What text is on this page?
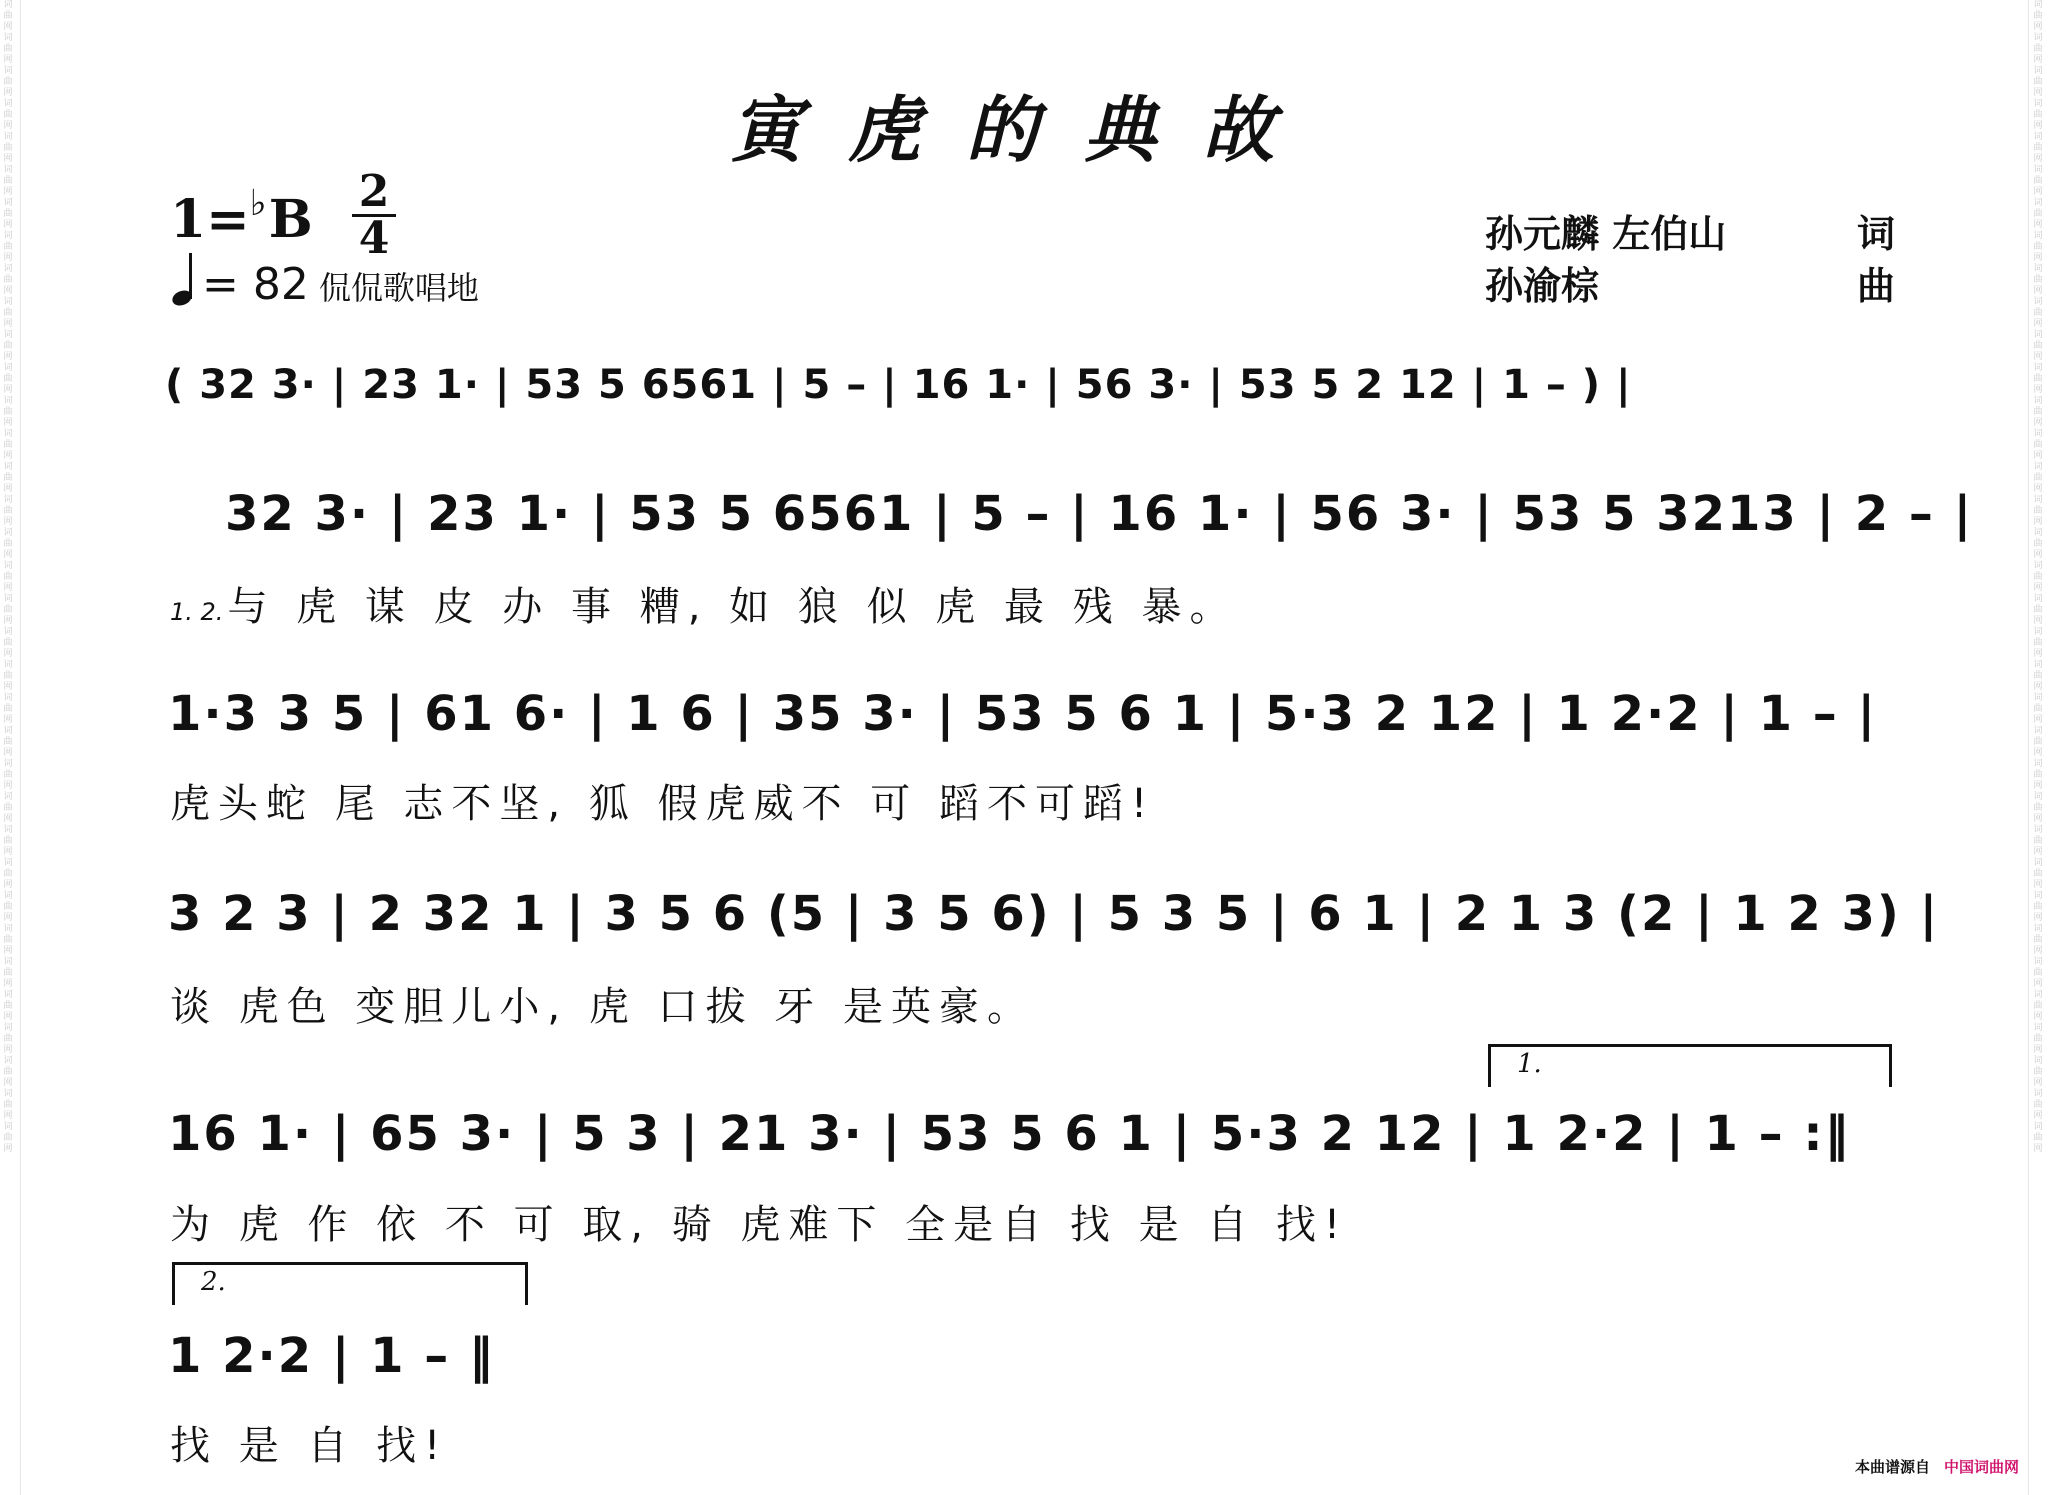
词曲网词曲网词曲网词曲网词曲网词曲网词曲网词曲网词曲网词曲网词曲网词曲网词曲网词曲网词曲网词曲网词曲网词曲网词曲网词曲网词曲网词曲网词曲网词曲网词曲网词曲网词曲网词曲网词曲网词曲网词曲网词曲网词曲网词曲网词曲网
词曲网词曲网词曲网词曲网词曲网词曲网词曲网词曲网词曲网词曲网词曲网词曲网词曲网词曲网词曲网词曲网词曲网词曲网词曲网词曲网词曲网词曲网词曲网词曲网词曲网词曲网词曲网词曲网词曲网词曲网词曲网词曲网词曲网词曲网词曲网
寅虎的典故
1=♭B 2
4
= 82 侃侃歌唱地
孙元麟 左伯山	词
孙渝棕	曲
( 32 3· | 23 1· | 53 5 6561 | 5 – | 16 1· | 56 3· | 53 5 2 12 | 1 – ) |
32 3· | 23 1· | 53 5 6561 | 5 – | 16 1· | 56 3· | 53 5 3213 | 2 – |
1. 2. 与 虎 谋 皮 办 事 糟, 如 狼 似 虎 最 残 暴。
1·3 3 5 | 61 6· | 1 6 | 35 3· | 53 5 6 1 | 5·3 2 12 | 1 2·2 | 1 – |
虎头蛇 尾 志不坚, 狐 假虎威不 可 蹈不可蹈!
3 2 3 | 2 32 1 | 3 5 6 (5 | 3 5 6) | 5 3 5 | 6 1 | 2 1 3 (2 | 1 2 3) |
谈 虎色 变胆儿小, 虎 口拔 牙 是英豪。
1.
16 1· | 65 3· | 5 3 | 21 3· | 53 5 6 1 | 5·3 2 12 | 1 2·2 | 1 – :‖
为 虎 作 依 不 可 取, 骑 虎难下 全是自 找 是 自 找!
2.
1 2·2 | 1 – ‖
找 是 自 找!	本曲谱源自 中国词曲网
